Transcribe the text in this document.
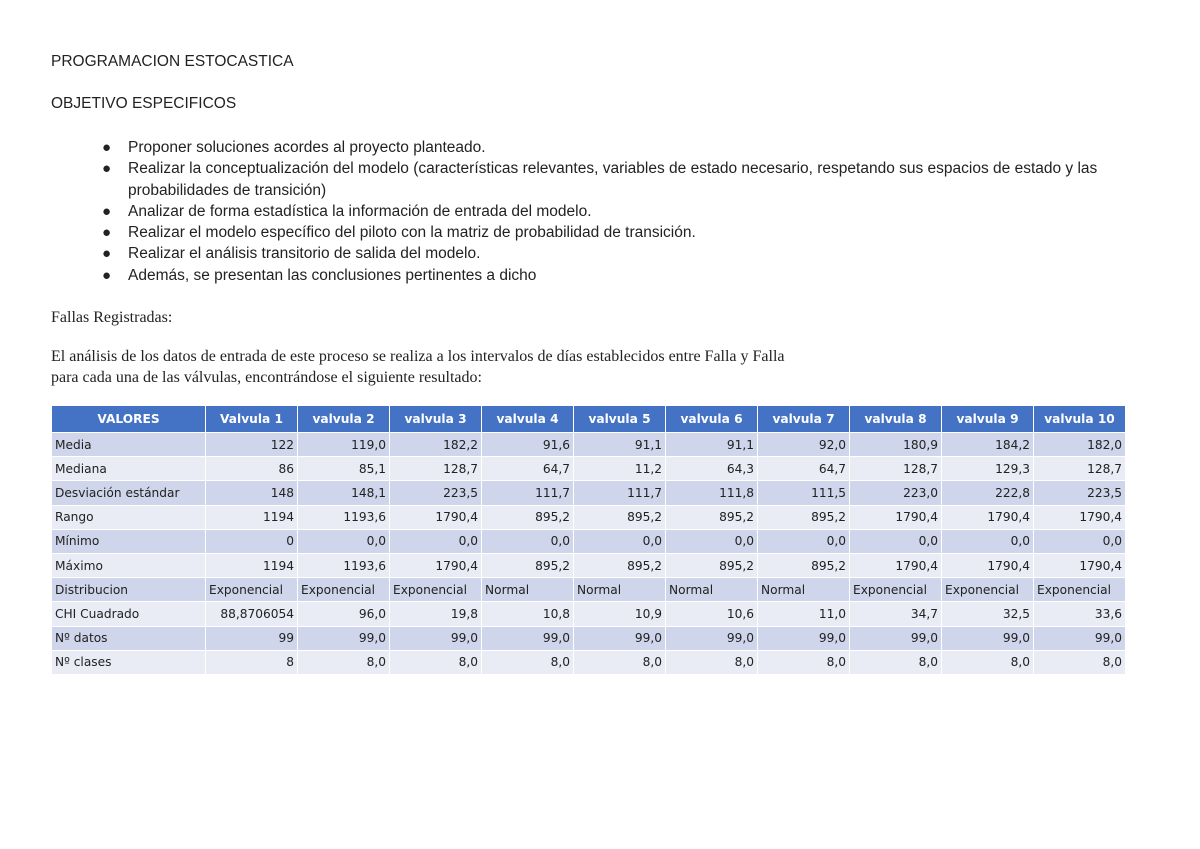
PROGRAMACION ESTOCASTICA
OBJETIVO ESPECIFICOS
● Proponer soluciones acordes al proyecto planteado.
● Realizar la conceptualización del modelo (características relevantes, variables de estado necesario, respetando sus espacios de estado y las probabilidades de transición)
● Analizar de forma estadística la información de entrada del modelo.
● Realizar el modelo específico del piloto con la matriz de probabilidad de transición.
● Realizar el análisis transitorio de salida del modelo.
● Además, se presentan las conclusiones pertinentes a dicho
Fallas Registradas:
El análisis de los datos de entrada de este proceso se realiza a los intervalos de días establecidos entre Falla y Falla
para cada una de las válvulas, encontrándose el siguiente resultado:
VALORES	Valvula 1	valvula 2	valvula 3	valvula 4	valvula 5	valvula 6	valvula 7	valvula 8	valvula 9	valvula 10
Media	122	119,0	182,2	91,6	91,1	91,1	92,0	180,9	184,2	182,0
Mediana	86	85,1	128,7	64,7	11,2	64,3	64,7	128,7	129,3	128,7
Desviación estándar	148	148,1	223,5	111,7	111,7	111,8	111,5	223,0	222,8	223,5
Rango	1194	1193,6	1790,4	895,2	895,2	895,2	895,2	1790,4	1790,4	1790,4
Mínimo	0	0,0	0,0	0,0	0,0	0,0	0,0	0,0	0,0	0,0
Máximo	1194	1193,6	1790,4	895,2	895,2	895,2	895,2	1790,4	1790,4	1790,4
Distribucion	Exponencial	Exponencial	Exponencial	Normal	Normal	Normal	Normal	Exponencial	Exponencial	Exponencial
CHI Cuadrado	88,8706054	96,0	19,8	10,8	10,9	10,6	11,0	34,7	32,5	33,6
Nº datos	99	99,0	99,0	99,0	99,0	99,0	99,0	99,0	99,0	99,0
Nº clases	8	8,0	8,0	8,0	8,0	8,0	8,0	8,0	8,0	8,0
